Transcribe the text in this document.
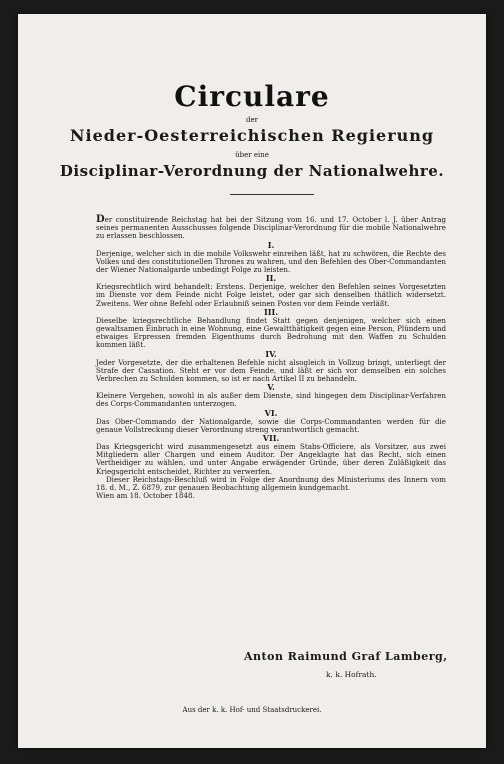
Circulare
der
Nieder-Oesterreichischen Regierung
über eine
Disciplinar-Verordnung der Nationalwehre.

Der constituirende Reichstag hat bei der Sitzung vom 16. und 17. October l. J. über Antrag seines permanenten Ausschusses folgende Disciplinar-Verordnung für die mobile Nationalwehre zu erlassen beschlossen.

I.

Derjenige, welcher sich in die mobile Volkswehr einreihen läßt, hat zu schwören, die Rechte des Volkes und des constitutionellen Thrones zu wahren, und den Befehlen des Ober-Commandanten der Wiener Nationalgarde unbedingt Folge zu leisten.

II.

Kriegsrechtlich wird behandelt: Erstens. Derjenige, welcher den Befehlen seines Vorgesetzten im Dienste vor dem Feinde nicht Folge leistet, oder gar sich denselben thätlich widersetzt. Zweitens. Wer ohne Befehl oder Erlaubniß seinen Posten vor dem Feinde verläßt.

III.

Dieselbe kriegsrechtliche Behandlung findet Statt gegen denjenigen, welcher sich einen gewaltsamen Einbruch in eine Wohnung, eine Gewaltthätigkeit gegen eine Person, Plündern und etwaiges Erpressen fremden Eigenthums durch Bedrohung mit den Waffen zu Schulden kommen läßt.

IV.

Jeder Vorgesetzte, der die erhaltenen Befehle nicht alsogleich in Vollzug bringt, unterliegt der Strafe der Cassation. Steht er vor dem Feinde, und läßt er sich vor demselben ein solches Verbrechen zu Schulden kommen, so ist er nach Artikel II zu behandeln.

V.

Kleinere Vergehen, sowohl in als außer dem Dienste, sind hingegen dem Disciplinar-Verfahren des Corps-Commandanten unterzogen.

VI.

Das Ober-Commando der Nationalgarde, sowie die Corps-Commandanten werden für die genaue Vollstreckung dieser Verordnung streng verantwortlich gemacht.

VII.

Das Kriegsgericht wird zusammengesetzt aus einem Stabs-Officiere, als Vorsitzer, aus zwei Mitgliedern aller Chargen und einem Auditor. Der Angeklagte hat das Recht, sich einen Vertheidiger zu wählen, und unter Angabe erwägender Gründe, über deren Zuläßigkeit das Kriegsgericht entscheidet, Richter zu verwerfen.

Dieser Reichstags-Beschluß wird in Folge der Anordnung des Ministeriums des Innern vom 18. d. M., Z. 6879, zur genauen Beobachtung allgemein kundgemacht.

Wien am 18. October 1848.

Anton Raimund Graf Lamberg,
k. k. Hofrath.
Aus der k. k. Hof- und Staatsdruckerei.
